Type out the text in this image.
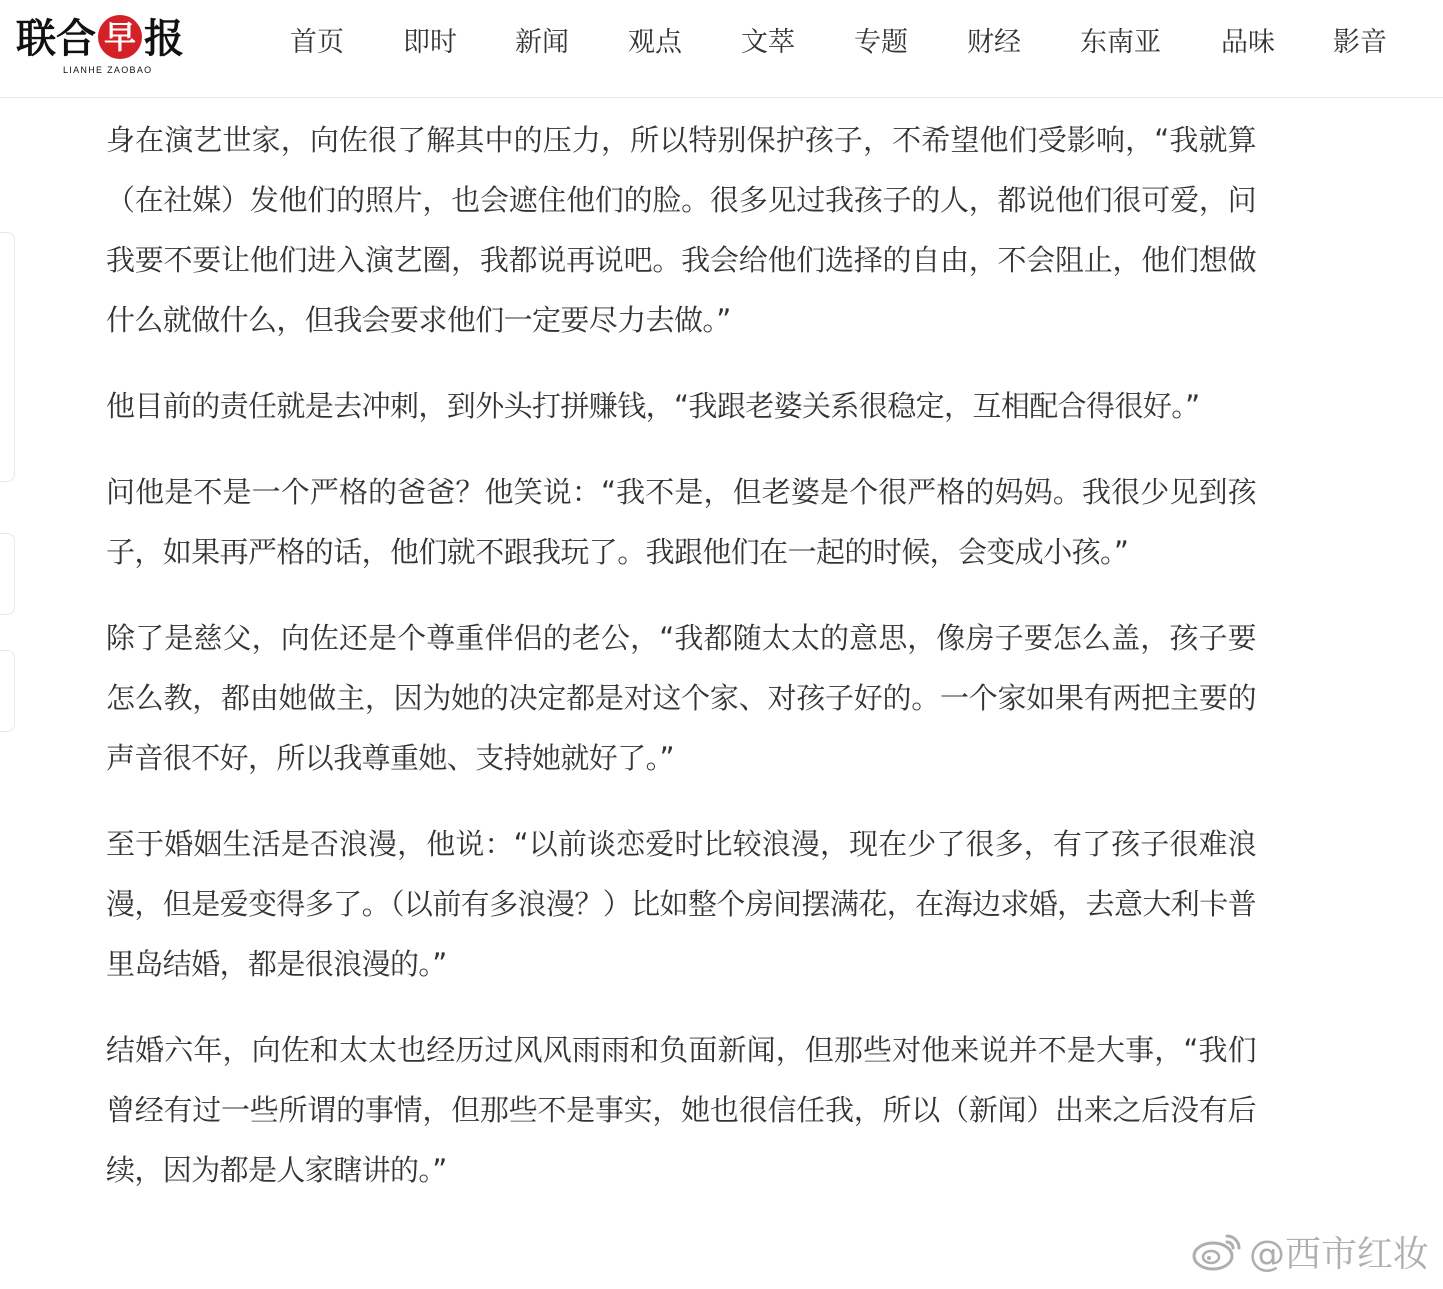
联合 早 报
LIANHE ZAOBAO
首页 即时 新闻 观点 文萃 专题 财经 东南亚 品味 影音

身在演艺世家，向佐很了解其中的压力，所以特别保护孩子，不希望他们受影响，“我就算（在社媒）发他们的照片，也会遮住他们的脸。很多见过我孩子的人，都说他们很可爱，问我要不要让他们进入演艺圈，我都说再说吧。我会给他们选择的自由，不会阻止，他们想做什么就做什么，但我会要求他们一定要尽力去做。”

他目前的责任就是去冲刺，到外头打拼赚钱，“我跟老婆关系很稳定，互相配合得很好。”

问他是不是一个严格的爸爸？他笑说：“我不是，但老婆是个很严格的妈妈。我很少见到孩子，如果再严格的话，他们就不跟我玩了。我跟他们在一起的时候，会变成小孩。”

除了是慈父，向佐还是个尊重伴侣的老公，“我都随太太的意思，像房子要怎么盖，孩子要怎么教，都由她做主，因为她的决定都是对这个家、对孩子好的。一个家如果有两把主要的声音很不好，所以我尊重她、支持她就好了。”

至于婚姻生活是否浪漫，他说：“以前谈恋爱时比较浪漫，现在少了很多，有了孩子很难浪漫，但是爱变得多了。（以前有多浪漫？）比如整个房间摆满花，在海边求婚，去意大利卡普里岛结婚，都是很浪漫的。”

结婚六年，向佐和太太也经历过风风雨雨和负面新闻，但那些对他来说并不是大事，“我们曾经有过一些所谓的事情，但那些不是事实，她也很信任我，所以（新闻）出来之后没有后续，因为都是人家瞎讲的。”

@西市红妆
